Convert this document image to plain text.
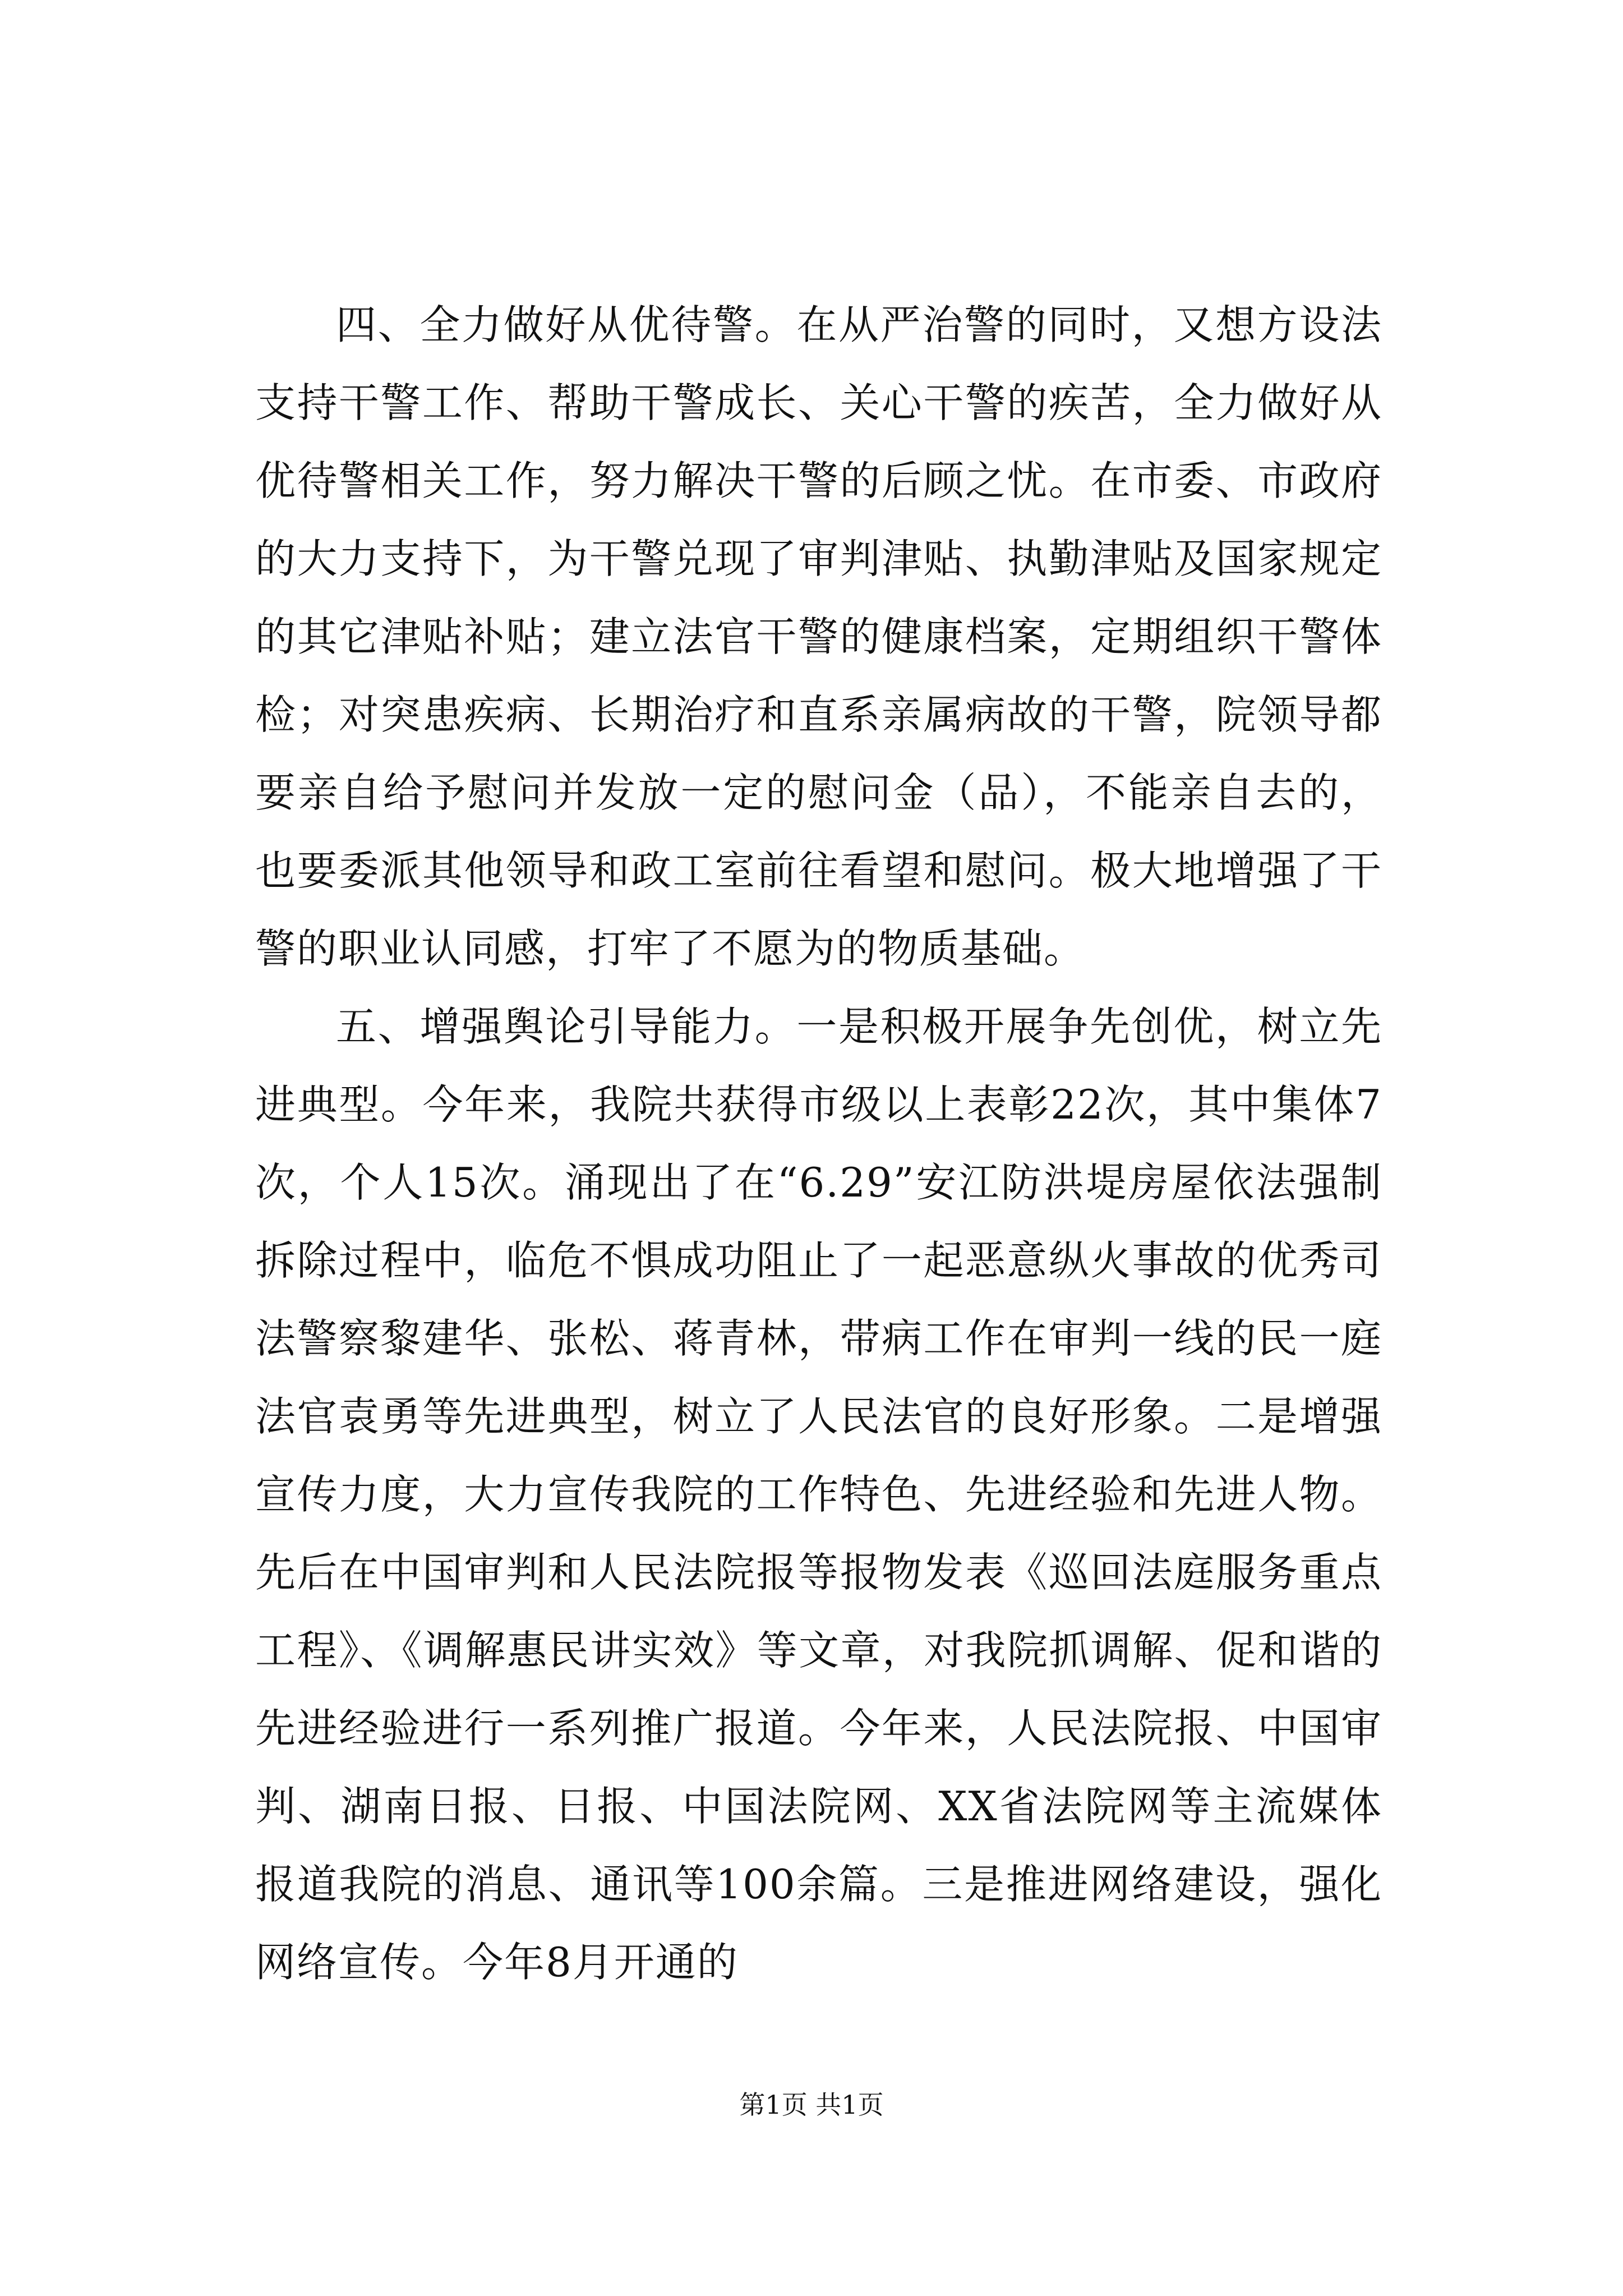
四、全力做好从优待警。在从严治警的同时，又想方设法支持干警工作、帮助干警成长、关心干警的疾苦，全力做好从优待警相关工作，努力解决干警的后顾之忧。在市委、市政府的大力支持下，为干警兑现了审判津贴、执勤津贴及国家规定的其它津贴补贴；建立法官干警的健康档案，定期组织干警体检；对突患疾病、长期治疗和直系亲属病故的干警，院领导都要亲自给予慰问并发放一定的慰问金（品），不能亲自去的，也要委派其他领导和政工室前往看望和慰问。极大地增强了干警的职业认同感，打牢了不愿为的物质基础。

五、增强舆论引导能力。一是积极开展争先创优，树立先进典型。今年来，我院共获得市级以上表彰22次，其中集体7次，个人15次。涌现出了在“6.29”安江防洪堤房屋依法强制拆除过程中，临危不惧成功阻止了一起恶意纵火事故的优秀司法警察黎建华、张松、蒋青林，带病工作在审判一线的民一庭法官袁勇等先进典型，树立了人民法官的良好形象。二是增强宣传力度，大力宣传我院的工作特色、先进经验和先进人物。先后在中国审判和人民法院报等报物发表《巡回法庭服务重点工程》、《调解惠民讲实效》等文章，对我院抓调解、促和谐的先进经验进行一系列推广报道。今年来，人民法院报、中国审判、湖南日报、日报、中国法院网、XX省法院网等主流媒体报道我院的消息、通讯等100余篇。三是推进网络建设，强化网络宣传。今年8月开通的

第1页 共1页
